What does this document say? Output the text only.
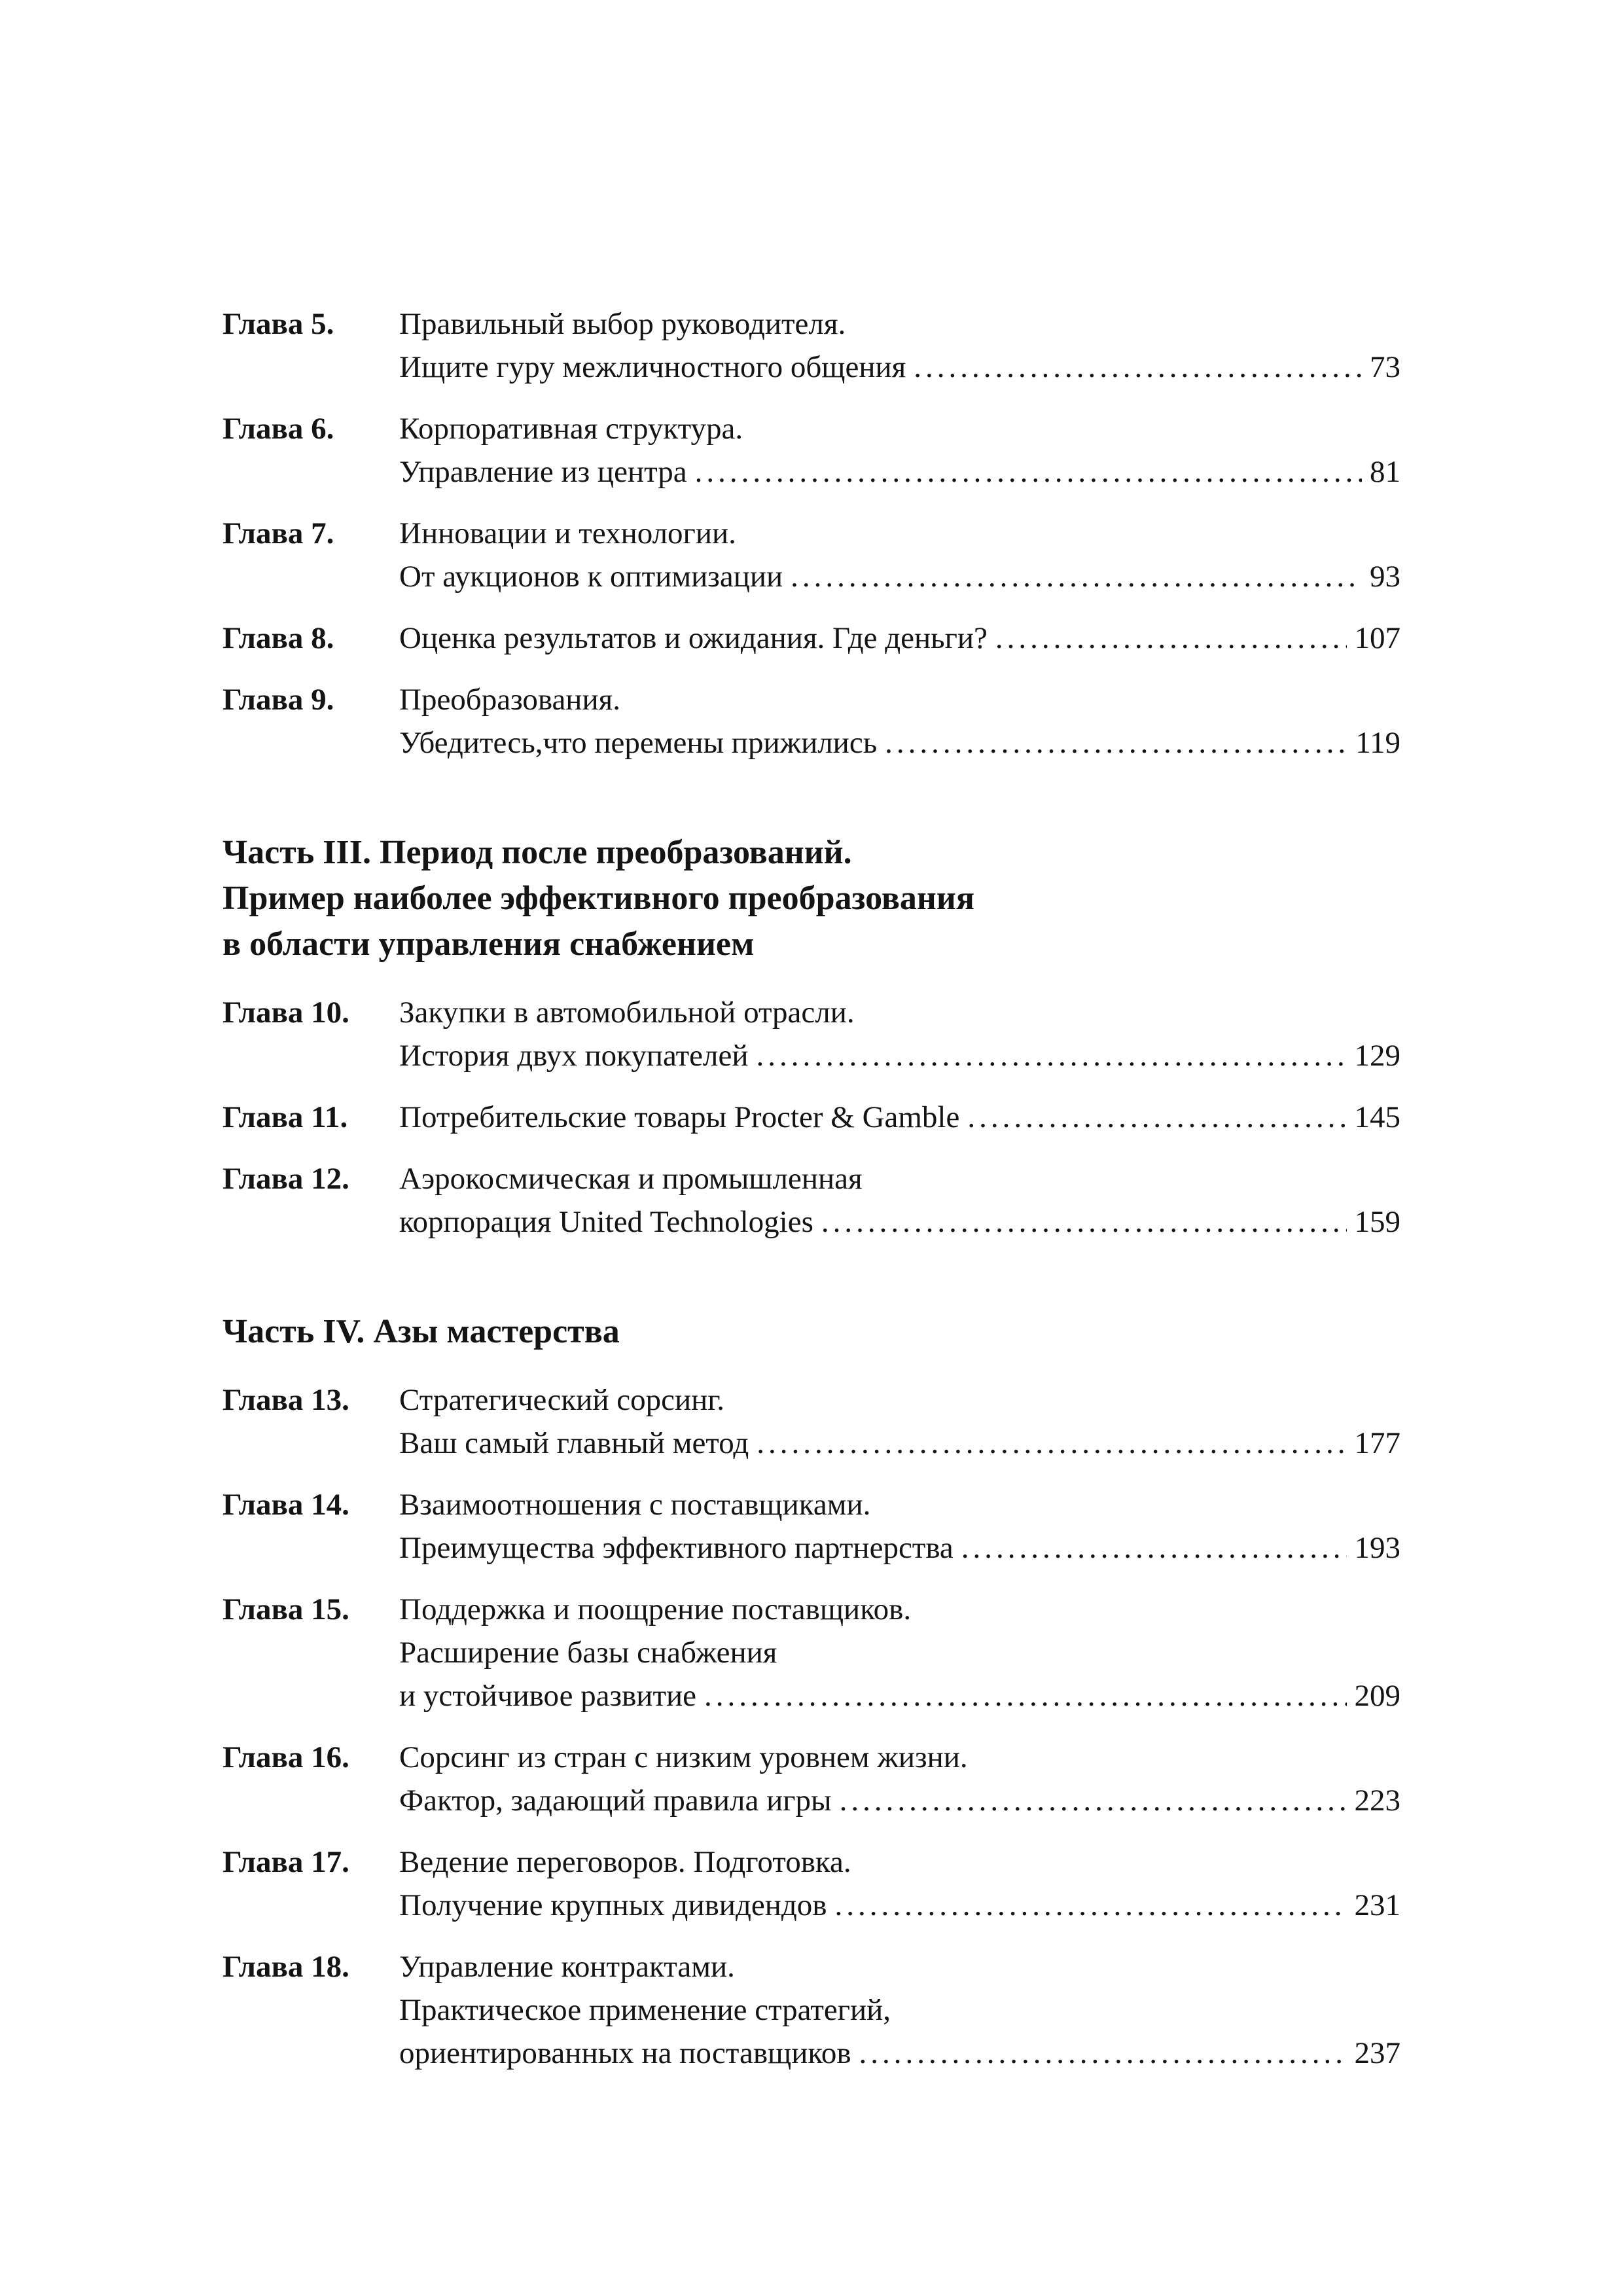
Глава 5.	Правильный выбор руководителя.
Ищите гуру межличностного общения .....	73
Глава 6.	Корпоративная структура.
Управление из центра .....	81
Глава 7.	Инновации и технологии.
От аукционов к оптимизации .....	93
Глава 8.	Оценка результатов и ожидания. Где деньги? .....	107
Глава 9.	Преобразования.
Убедитесь,что перемены прижились .....	119
Часть III. Период после преобразований.
Пример наиболее эффективного преобразования
в области управления снабжением
Глава 10.	Закупки в автомобильной отрасли.
История двух покупателей .....	129
Глава 11.	Потребительские товары Procter & Gamble .....	145
Глава 12.	Аэрокосмическая и промышленная
корпорация United Technologies .....	159
Часть IV. Азы мастерства
Глава 13.	Стратегический сорсинг.
Ваш самый главный метод .....	177
Глава 14.	Взаимоотношения с поставщиками.
Преимущества эффективного партнерства .....	193
Глава 15.	Поддержка и поощрение поставщиков.
Расширение базы снабжения
и устойчивое развитие .....	209
Глава 16.	Сорсинг из стран с низким уровнем жизни.
Фактор, задающий правила игры .....	223
Глава 17.	Ведение переговоров. Подготовка.
Получение крупных дивидендов .....	231
Глава 18.	Управление контрактами.
Практическое применение стратегий,
ориентированных на поставщиков .....	237
